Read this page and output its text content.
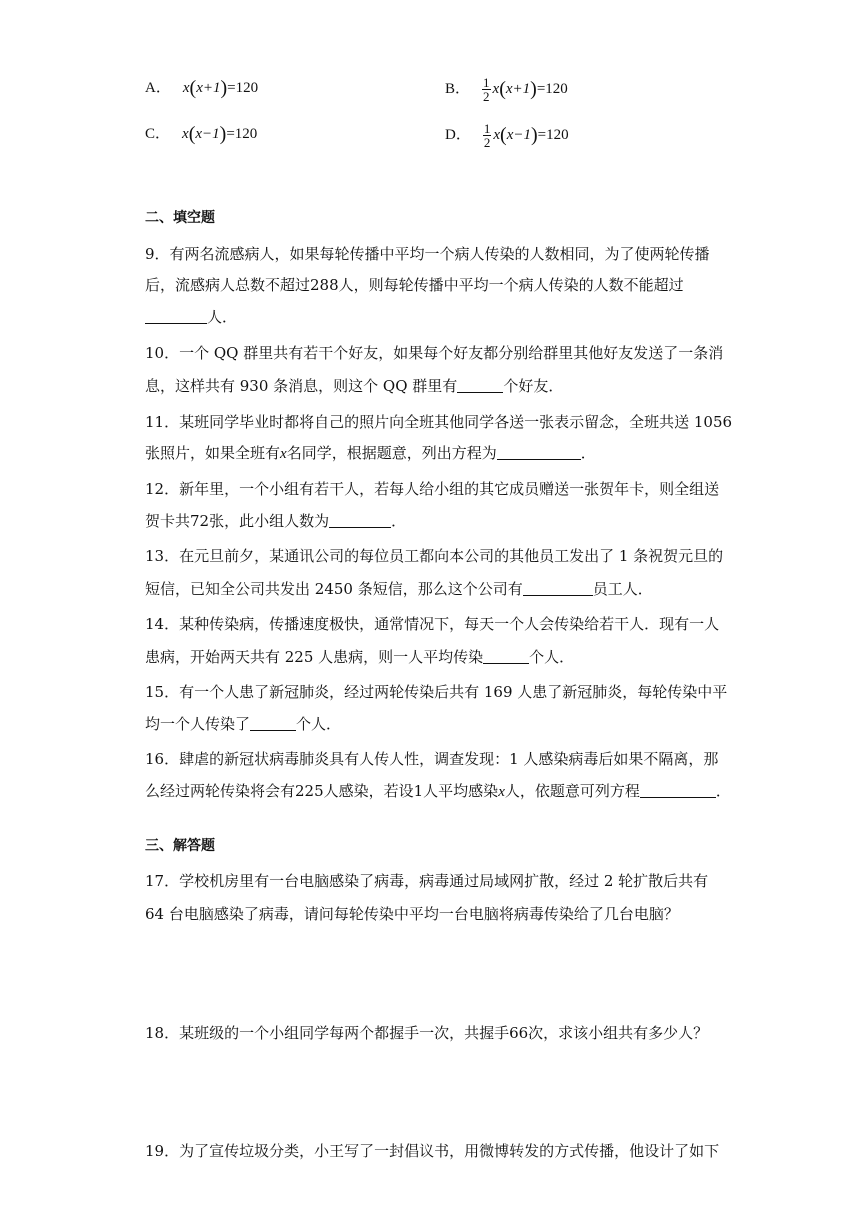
A． x(x+1)=120	B． $\frac{1}{2} x(x+1)=120$
C． x(x−1)=120	D． $\frac{1}{2} x(x-1)=120$
二、填空题
9．有两名流感病人，如果每轮传播中平均一个病人传染的人数相同，为了使两轮传播
后，流感病人总数不超过288人，则每轮传播中平均一个病人传染的人数不能超过
人．
10．一个 QQ 群里共有若干个好友，如果每个好友都分别给群里其他好友发送了一条消
息，这样共有 930 条消息，则这个 QQ 群里有	个好友．
11．某班同学毕业时都将自己的照片向全班其他同学各送一张表示留念，全班共送 1056
张照片，如果全班有x名同学，根据题意，列出方程为	．
12．新年里，一个小组有若干人，若每人给小组的其它成员赠送一张贺年卡，则全组送
贺卡共72张，此小组人数为	．
13．在元旦前夕，某通讯公司的每位员工都向本公司的其他员工发出了 1 条祝贺元旦的
短信，已知全公司共发出 2450 条短信，那么这个公司有	员工人．
14．某种传染病，传播速度极快，通常情况下，每天一个人会传染给若干人．现有一人
患病，开始两天共有 225 人患病，则一人平均传染	个人．
15．有一个人患了新冠肺炎，经过两轮传染后共有 169 人患了新冠肺炎，每轮传染中平
均一个人传染了	个人．
16．肆虐的新冠状病毒肺炎具有人传人性，调查发现：1 人感染病毒后如果不隔离，那
么经过两轮传染将会有225人感染，若设1人平均感染x人，依题意可列方程	．
三、解答题
17．学校机房里有一台电脑感染了病毒，病毒通过局域网扩散，经过 2 轮扩散后共有
64 台电脑感染了病毒，请问每轮传染中平均一台电脑将病毒传染给了几台电脑？
18．某班级的一个小组同学每两个都握手一次，共握手66次，求该小组共有多少人？
19．为了宣传垃圾分类，小王写了一封倡议书，用微博转发的方式传播，他设计了如下
